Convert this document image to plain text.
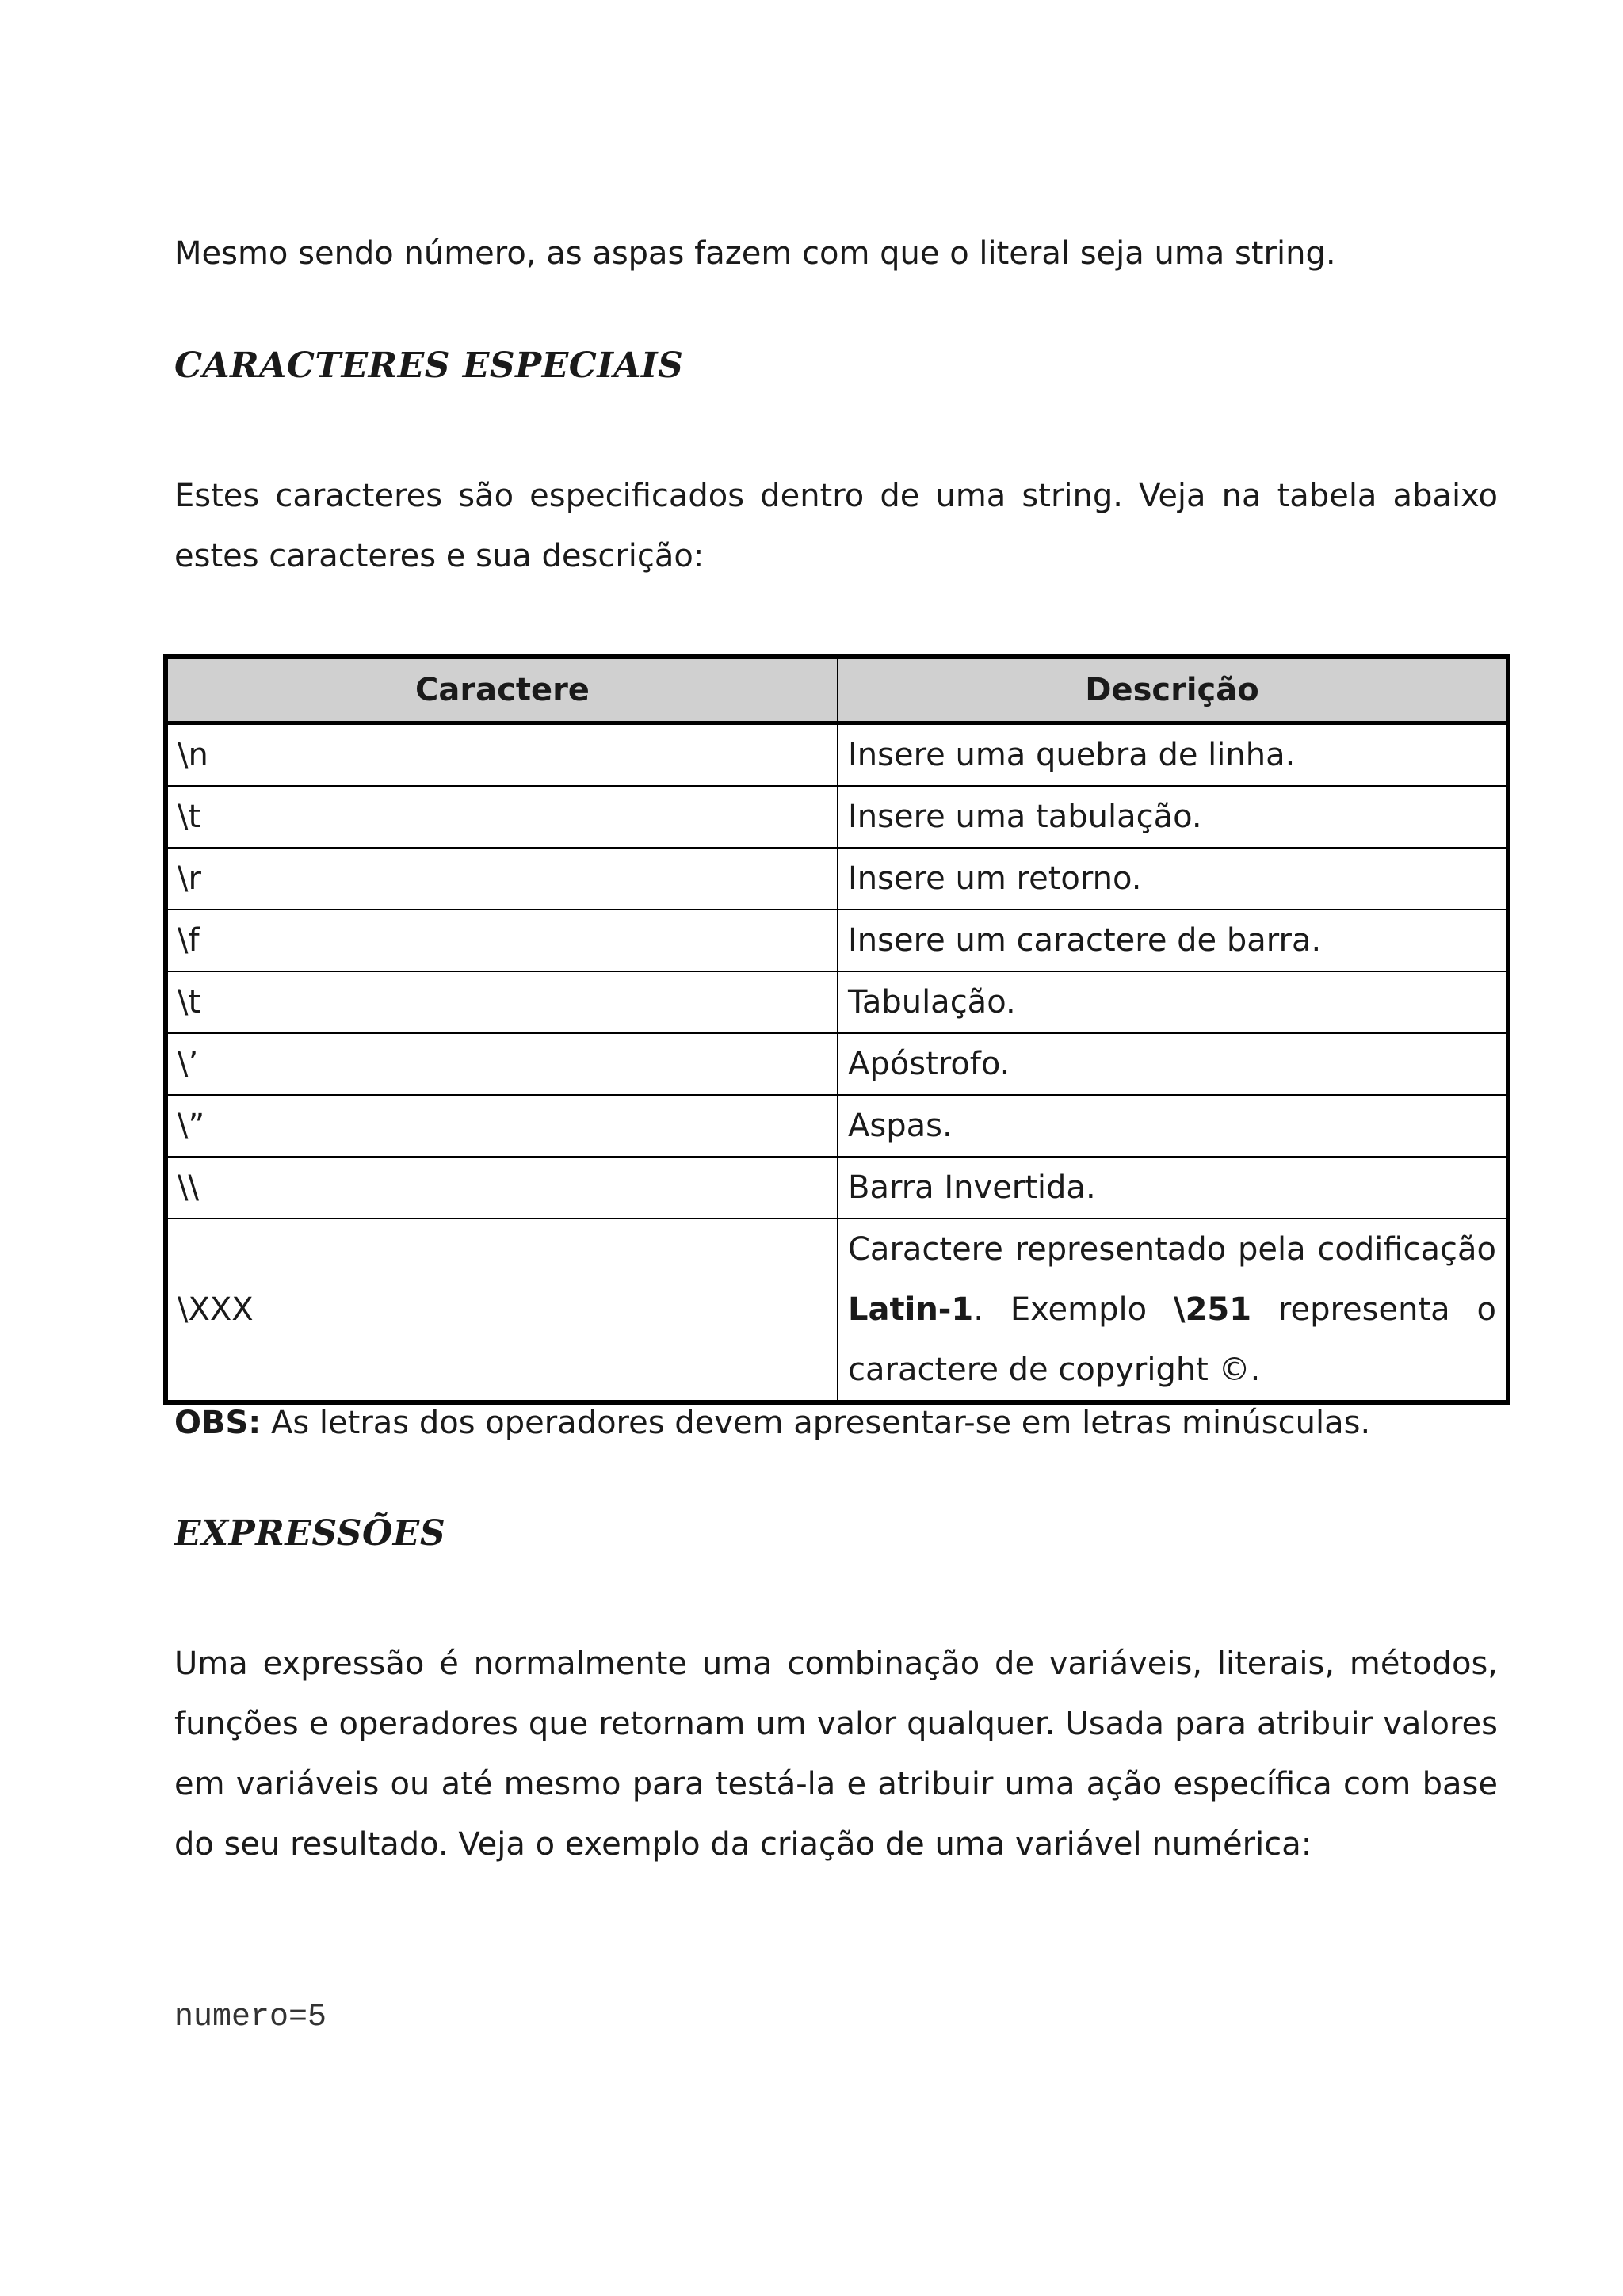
Mesmo sendo número, as aspas fazem com que o literal seja uma string.

CARACTERES ESPECIAIS

Estes caracteres são especificados dentro de uma string. Veja na tabela abaixo estes caracteres e sua descrição:

Caractere	Descrição
\n	Insere uma quebra de linha.
\t	Insere uma tabulação.
\r	Insere um retorno.
\f	Insere um caractere de barra.
\t	Tabulação.
\’	Apóstrofo.
\”	Aspas.
\\	Barra Invertida.
\XXX	Caractere representado pela codificação Latin-1. Exemplo \251 representa o caractere de copyright ©.
OBS: As letras dos operadores devem apresentar-se em letras minúsculas.
EXPRESSÕES

Uma expressão é normalmente uma combinação de variáveis, literais, métodos, funções e operadores que retornam um valor qualquer. Usada para atribuir valores em variáveis ou até mesmo para testá-la e atribuir uma ação específica com base do seu resultado. Veja o exemplo da criação de uma variável numérica:

numero=5
